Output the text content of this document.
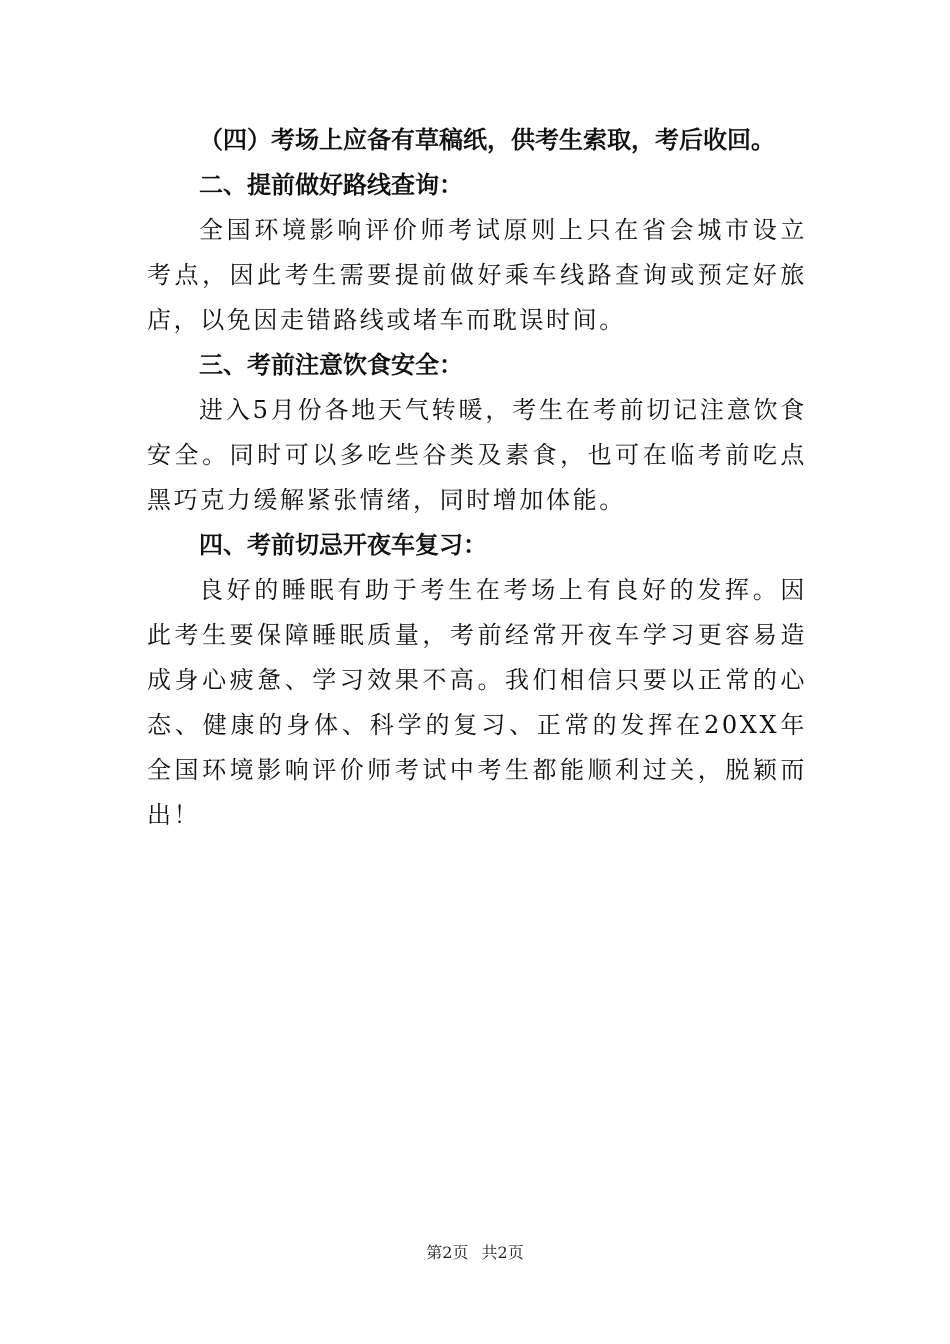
（四）考场上应备有草稿纸，供考生索取，考后收回。
二、提前做好路线查询：

全国环境影响评价师考试原则上只在省会城市设立考点，因此考生需要提前做好乘车线路查询或预定好旅店，以免因走错路线或堵车而耽误时间。

三、考前注意饮食安全：

进入5月份各地天气转暖，考生在考前切记注意饮食安全。同时可以多吃些谷类及素食，也可在临考前吃点黑巧克力缓解紧张情绪，同时增加体能。

四、考前切忌开夜车复习：

良好的睡眠有助于考生在考场上有良好的发挥。因此考生要保障睡眠质量，考前经常开夜车学习更容易造成身心疲惫、学习效果不高。我们相信只要以正常的心态、健康的身体、科学的复习、正常的发挥在20XX年全国环境影响评价师考试中考生都能顺利过关，脱颖而出！

第2页 共2页
